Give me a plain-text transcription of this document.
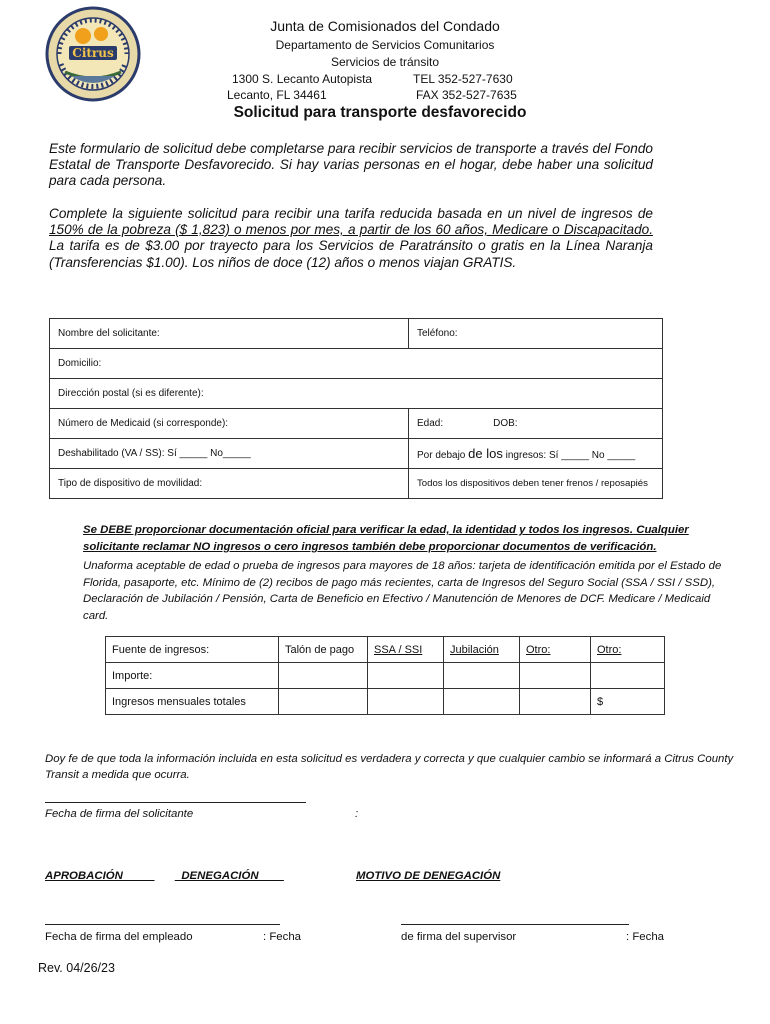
Citrus
Junta de Comisionados del Condado
Departamento de Servicios Comunitarios
Servicios de tránsito
1300 S. Lecanto Autopista	TEL 352-527-7630
Lecanto, FL 34461	FAX 352-527-7635
Solicitud para transporte desfavorecido
Este formulario de solicitud debe completarse para recibir servicios de transporte a través del Fondo Estatal de Transporte Desfavorecido. Si hay varias personas en el hogar, debe haber una solicitud para cada persona.
Complete la siguiente solicitud para recibir una tarifa reducida basada en un nivel de ingresos de 150% de la pobreza ($ 1,823) o menos por mes, a partir de los 60 años, Medicare o Discapacitado. La tarifa es de $3.00 por trayecto para los Servicios de Paratránsito o gratis en la Línea Naranja (Transferencias $1.00). Los niños de doce (12) años o menos viajan GRATIS.
Nombre del solicitante:	Teléfono:
Domicilio:	
Dirección postal (si es diferente):	
Número de Medicaid (si corresponde):	Edad: DOB:
Deshabilitado (VA / SS): Sí _____ No_____	Por debajo de los ingresos: Sí _____ No _____
Tipo de dispositivo de movilidad:	Todos los dispositivos deben tener frenos / reposapiés
Se DEBE proporcionar documentación oficial para verificar la edad, la identidad y todos los ingresos. Cualquier solicitante reclamar NO ingresos o cero ingresos también debe proporcionar documentos de verificación.
Unaforma aceptable de edad o prueba de ingresos para mayores de 18 años: tarjeta de identificación emitida por el Estado de Florida, pasaporte, etc. Mínimo de (2) recibos de pago más recientes, carta de Ingresos del Seguro Social (SSA / SSI / SSD), Declaración de Jubilación / Pensión, Carta de Beneficio en Efectivo / Manutención de Menores de DCF. Medicare / Medicaid card.
Fuente de ingresos:	Talón de pago	SSA / SSI	Jubilación	Otro:	Otro:
Importe:					
Ingresos mensuales totales					$
Doy fe de que toda la información incluida en esta solicitud es verdadera y correcta y que cualquier cambio se informará a Citrus County Transit a medida que ocurra.
Fecha de firma del solicitante	:
APROBACIÓN_____ _DENEGACIÓN____	MOTIVO DE DENEGACIÓN
Fecha de firma del empleado	: Fecha	de firma del supervisor	: Fecha
Rev. 04/26/23
